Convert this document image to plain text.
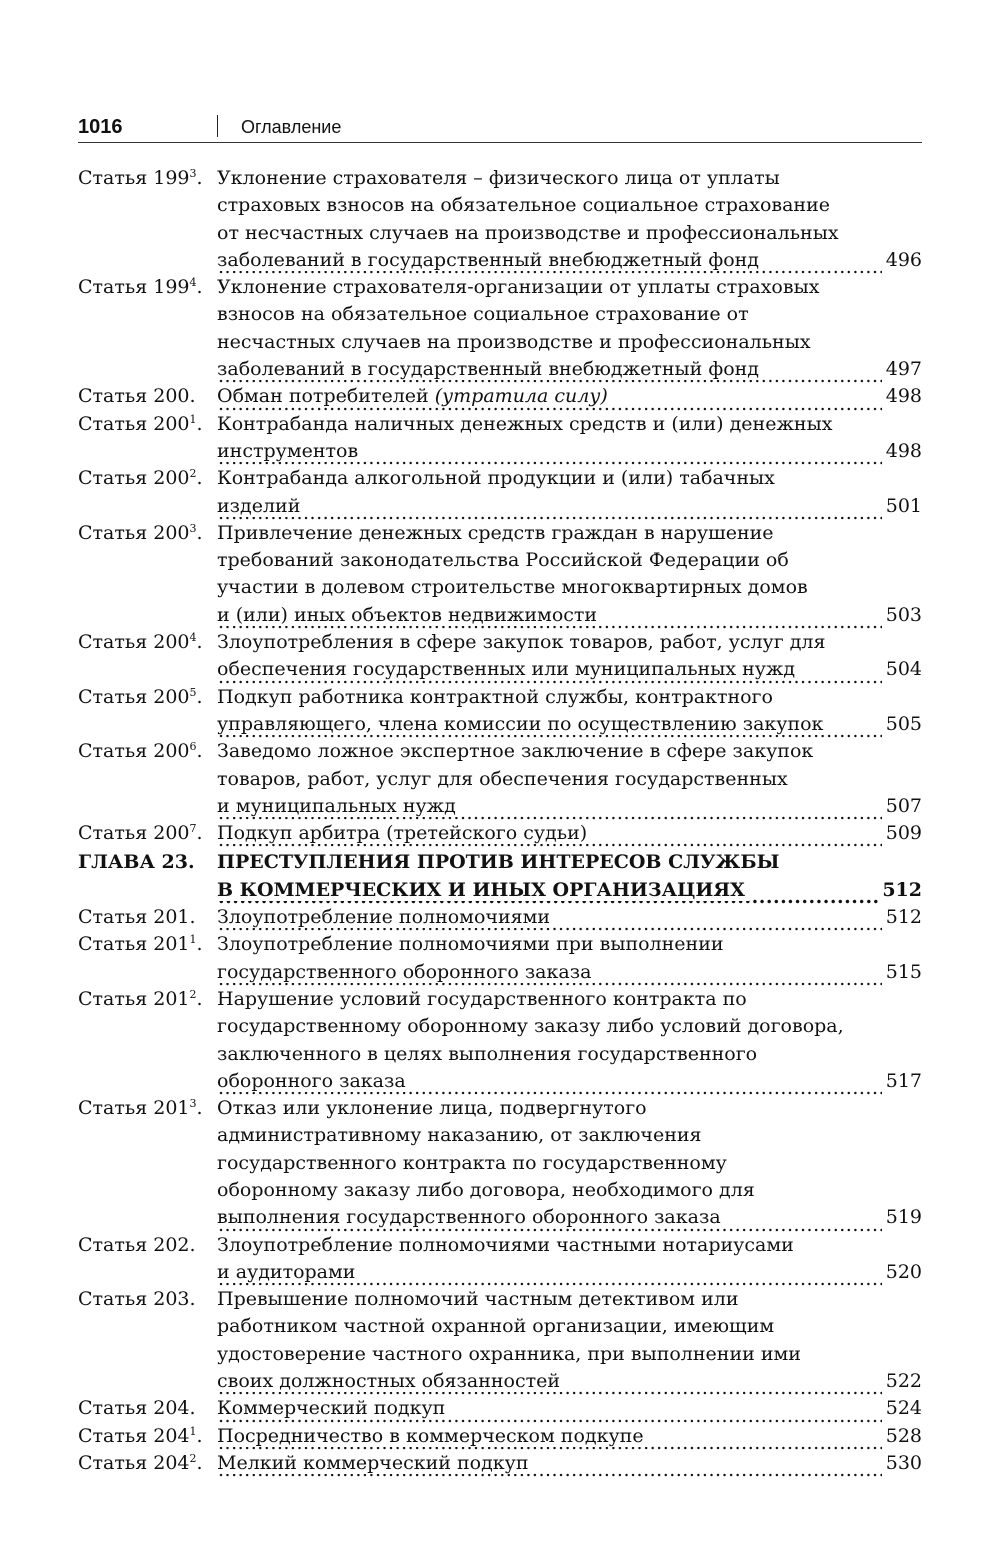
1016	Оглавление
Статья $199^3$. Уклонение страхователя – физического лица от уплаты
страховых взносов на обязательное социальное страхование
от несчастных случаев на производстве и профессиональных
заболеваний в государственный внебюджетный фонд	496
.....
Статья $199^4$. Уклонение страхователя-организации от уплаты страховых
взносов на обязательное социальное страхование от
несчастных случаев на производстве и профессиональных
заболеваний в государственный внебюджетный фонд	497
.....
Статья 200. Обман потребителей (утратила силу)	498
.....
Статья $200^1$. Контрабанда наличных денежных средств и (или) денежных
инструментов	498
.....
Статья $200^2$. Контрабанда алкогольной продукции и (или) табачных
изделий	501
.....
Статья $200^3$. Привлечение денежных средств граждан в нарушение
требований законодательства Российской Федерации об
участии в долевом строительстве многоквартирных домов
и (или) иных объектов недвижимости	503
.....
Статья $200^4$. Злоупотребления в сфере закупок товаров, работ, услуг для
обеспечения государственных или муниципальных нужд	504
.....
Статья $200^5$. Подкуп работника контрактной службы, контрактного
управляющего, члена комиссии по осуществлению закупок	505
.....
Статья $200^6$. Заведомо ложное экспертное заключение в сфере закупок
товаров, работ, услуг для обеспечения государственных
и муниципальных нужд	507
.....
Статья $200^7$. Подкуп арбитра (третейского судьи)	509
.....
ГЛАВА 23. ПРЕСТУПЛЕНИЯ ПРОТИВ ИНТЕРЕСОВ СЛУЖБЫ
В КОММЕРЧЕСКИХ И ИНЫХ ОРГАНИЗАЦИЯХ	512
.....
Статья 201. Злоупотребление полномочиями	512
.....
Статья $201^1$. Злоупотребление полномочиями при выполнении
государственного оборонного заказа	515
.....
Статья $201^2$. Нарушение условий государственного контракта по
государственному оборонному заказу либо условий договора,
заключенного в целях выполнения государственного
оборонного заказа	517
.....
Статья $201^3$. Отказ или уклонение лица, подвергнутого
административному наказанию, от заключения
государственного контракта по государственному
оборонному заказу либо договора, необходимого для
выполнения государственного оборонного заказа	519
.....
Статья 202. Злоупотребление полномочиями частными нотариусами
и аудиторами	520
.....
Статья 203. Превышение полномочий частным детективом или
работником частной охранной организации, имеющим
удостоверение частного охранника, при выполнении ими
своих должностных обязанностей	522
.....
Статья 204. Коммерческий подкуп	524
.....
Статья $204^1$. Посредничество в коммерческом подкупе	528
.....
Статья $204^2$. Мелкий коммерческий подкуп	530
.....
